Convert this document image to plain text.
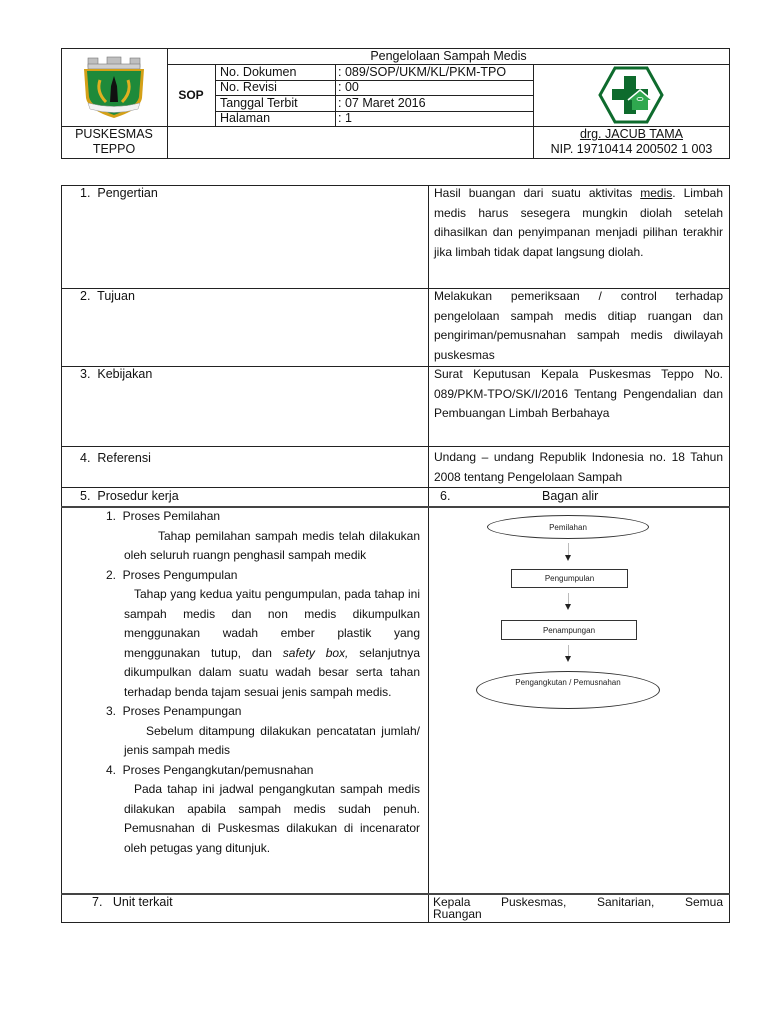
Pengelolaan Sampah Medis
SOP
No. Dokumen	: 089/SOP/UKM/KL/PKM-TPO
No. Revisi	: 00
Tanggal Terbit	: 07 Maret 2016
Halaman	: 1
PUSKESMAS
TEPPO
drg. JACUB TAMA
NIP. 19710414 200502 1 003
1.  Pengertian	Hasil buangan dari suatu aktivitas medis. Limbah medis harus sesegera mungkin diolah setelah dihasilkan dan penyimpanan menjadi pilihan terakhir jika limbah tidak dapat langsung diolah.
2.  Tujuan	Melakukan pemeriksaan / control terhadap pengelolaan sampah medis ditiap ruangan dan pengiriman/pemusnahan sampah medis diwilayah puskesmas
3.  Kebijakan	Surat Keputusan Kepala Puskesmas Teppo No. 089/PKM-TPO/SK/I/2016 Tentang Pengendalian dan Pembuangan Limbah Berbahaya
4.  Referensi	Undang – undang Republik Indonesia no. 18 Tahun 2008 tentang Pengelolaan Sampah
5.  Prosedur kerja	6.	Bagan alir
1.  Proses Pemilahan
Tahap pemilahan sampah medis telah dilakukan oleh seluruh ruangn penghasil sampah medik
2.  Proses Pengumpulan
Tahap yang kedua yaitu pengumpulan, pada tahap ini sampah medis dan non medis dikumpulkan menggunakan wadah ember plastik yang menggunakan tutup, dan safety box, selanjutnya dikumpulkan dalam suatu wadah besar serta tahan terhadap benda tajam sesuai jenis sampah medis.
3.  Proses Penampungan
Sebelum ditampung dilakukan pencatatan jumlah/ jenis sampah medis
4.  Proses Pengangkutan/pemusnahan
Pada tahap ini jadwal pengangkutan sampah medis dilakukan apabila sampah medis sudah penuh. Pemusnahan di Puskesmas dilakukan di incenarator oleh petugas yang ditunjuk.
Pemilahan
Pengumpulan
Penampungan
Pengangkutan / Pemusnahan
7.   Unit terkait	Kepala Puskesmas, Sanitarian, Semua
Ruangan
